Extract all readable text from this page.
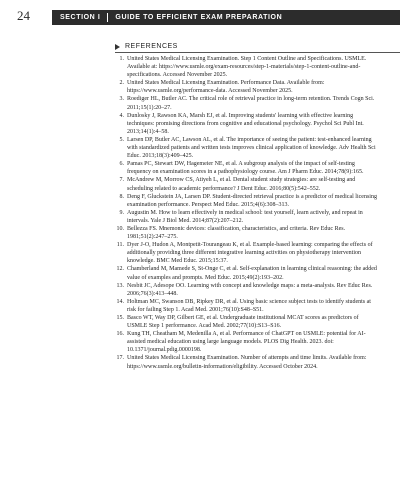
24	SECTION I GUIDE TO EFFICIENT EXAM PREPARATION
REFERENCES
1. United States Medical Licensing Examination. Step 1 Content Outline and Specifications. USMLE. Available at: https://www.usmle.org/exam-resources/step-1-materials/step-1-content-outline-and-specifications. Accessed November 2025.
2. United States Medical Licensing Examination. Performance Data. Available from: https://www.usmle.org/performance-data. Accessed November 2025.
3. Roediger HL, Butler AC. The critical role of retrieval practice in long-term retention. Trends Cogn Sci. 2011;15(1):20–27.
4. Dunlosky J, Rawson KA, Marsh EJ, et al. Improving students' learning with effective learning techniques: promising directions from cognitive and educational psychology. Psychol Sci Publ Int. 2013;14(1):4–58.
5. Larsen DP, Butler AC, Lawson AL, et al. The importance of seeing the patient: test-enhanced learning with standardized patients and written tests improves clinical application of knowledge. Adv Health Sci Educ. 2013;18(3):409–425.
6. Pamas PC, Stewart DW, Hagemeier NE, et al. A subgroup analysis of the impact of self-testing frequency on examination scores in a pathophysiology course. Am J Pharm Educ. 2014;78(9):165.
7. McAndrew M, Morrow CS, Atiyeh L, et al. Dental student study strategies: are self-testing and scheduling related to academic performance? J Dent Educ. 2016;80(5):542–552.
8. Deng F, Gluckstein JA, Larsen DP. Student-directed retrieval practice is a predictor of medical licensing examination performance. Perspect Med Educ. 2015;4(6):308–313.
9. Augustin M. How to learn effectively in medical school: test yourself, learn actively, and repeat in intervals. Yale J Biol Med. 2014;87(2):207–212.
10. Bellezza FS. Mnemonic devices: classification, characteristics, and criteria. Rev Educ Res. 1981;51(2):247–275.
11. Dyer J-O, Hudon A, Montpetit-Tourangeau K, et al. Example-based learning: comparing the effects of additionally providing three different integrative learning activities on physiotherapy intervention knowledge. BMC Med Educ. 2015;15:37.
12. Chamberland M, Mamede S, St-Onge C, et al. Self-explanation in learning clinical reasoning: the added value of examples and prompts. Med Educ. 2015;49(2):193–202.
13. Nesbit JC, Adesope OO. Learning with concept and knowledge maps: a meta-analysis. Rev Educ Res. 2006;76(3):413–448.
14. Holtman MC, Swanson DB, Ripkey DR, et al. Using basic science subject tests to identify students at risk for failing Step 1. Acad Med. 2001;76(10):S48–S51.
15. Basco WT, Way DP, Gilbert GE, et al. Undergraduate institutional MCAT scores as predictors of USMLE Step 1 performance. Acad Med. 2002;77(10):S13–S16.
16. Kung TH, Cheatham M, Medenilla A, et al. Performance of ChatGPT on USMLE: potential for AI-assisted medical education using large language models. PLOS Dig Health. 2023. doi: 10.1371/journal.pdig.0000198.
17. United States Medical Licensing Examination. Number of attempts and time limits. Available from: https://www.usmle.org/bulletin-information/eligibility. Accessed October 2024.
